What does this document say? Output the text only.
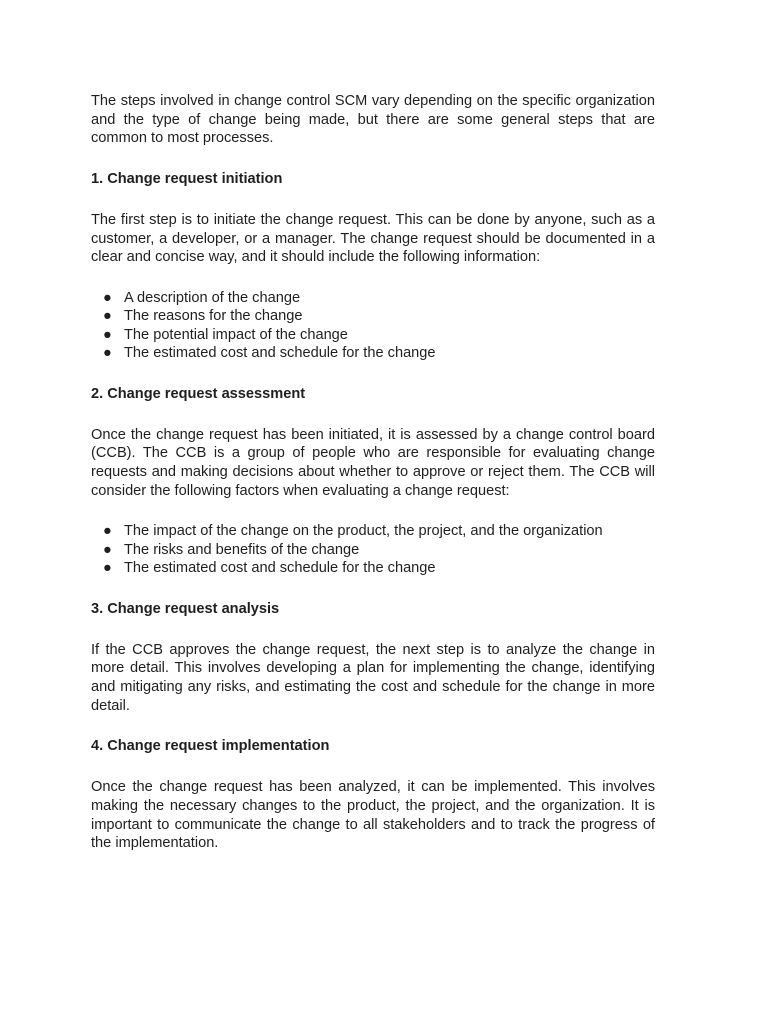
The steps involved in change control SCM vary depending on the specific organization and the type of change being made, but there are some general steps that are common to most processes.

1. Change request initiation

The first step is to initiate the change request. This can be done by anyone, such as a customer, a developer, or a manager. The change request should be documented in a clear and concise way, and it should include the following information:

● A description of the change
● The reasons for the change
● The potential impact of the change
● The estimated cost and schedule for the change
2. Change request assessment

Once the change request has been initiated, it is assessed by a change control board (CCB). The CCB is a group of people who are responsible for evaluating change requests and making decisions about whether to approve or reject them. The CCB will consider the following factors when evaluating a change request:

● The impact of the change on the product, the project, and the organization
● The risks and benefits of the change
● The estimated cost and schedule for the change
3. Change request analysis

If the CCB approves the change request, the next step is to analyze the change in more detail. This involves developing a plan for implementing the change, identifying and mitigating any risks, and estimating the cost and schedule for the change in more detail.

4. Change request implementation

Once the change request has been analyzed, it can be implemented. This involves making the necessary changes to the product, the project, and the organization. It is important to communicate the change to all stakeholders and to track the progress of the implementation.
